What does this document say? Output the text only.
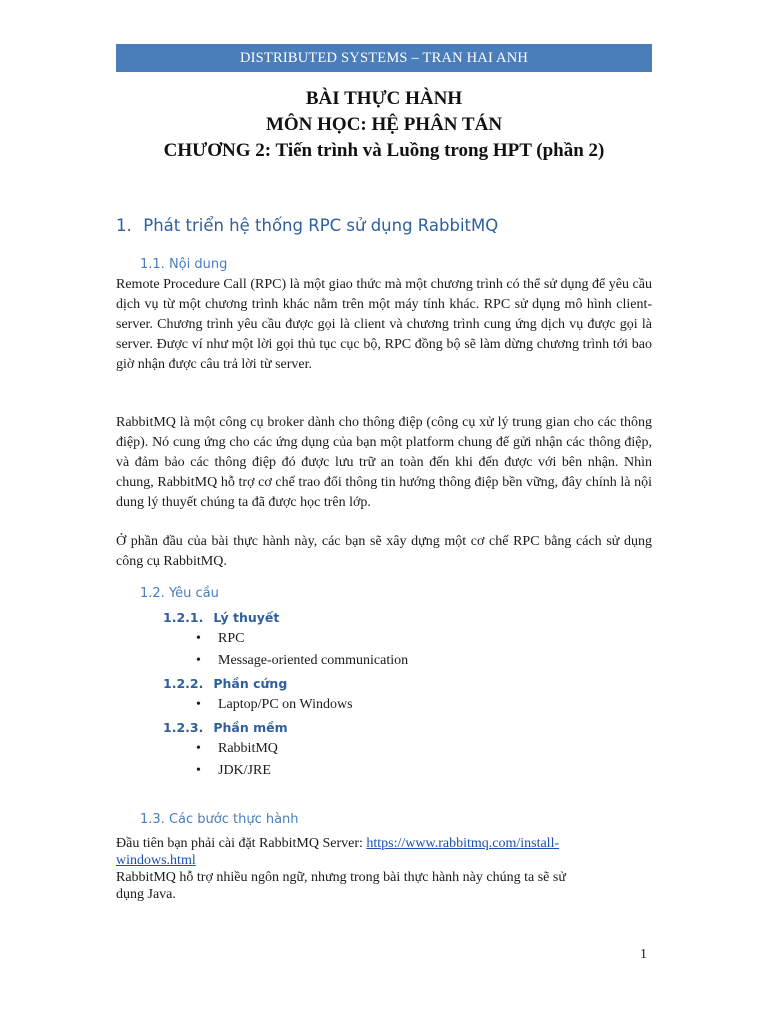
DISTRIBUTED SYSTEMS – TRAN HAI ANH
BÀI THỰC HÀNH
MÔN HỌC: HỆ PHÂN TÁN
CHƯƠNG 2: Tiến trình và Luồng trong HPT (phần 2)
1. Phát triển hệ thống RPC sử dụng RabbitMQ
1.1. Nội dung
Remote Procedure Call (RPC) là một giao thức mà một chương trình có thể sử dụng để yêu cầu dịch vụ từ một chương trình khác nằm trên một máy tính khác. RPC sử dụng mô hình client-server. Chương trình yêu cầu được gọi là client và chương trình cung ứng dịch vụ được gọi là server. Được ví như một lời gọi thủ tục cục bộ, RPC đồng bộ sẽ làm dừng chương trình tới bao giờ nhận được câu trả lời từ server.
RabbitMQ là một công cụ broker dành cho thông điệp (công cụ xử lý trung gian cho các thông điệp). Nó cung ứng cho các ứng dụng của bạn một platform chung để gửi nhận các thông điệp, và đảm bảo các thông điệp đó được lưu trữ an toàn đến khi đến được với bên nhận. Nhìn chung, RabbitMQ hỗ trợ cơ chế trao đổi thông tin hướng thông điệp bền vững, đây chính là nội dung lý thuyết chúng ta đã được học trên lớp.
Ở phần đầu của bài thực hành này, các bạn sẽ xây dựng một cơ chế RPC bằng cách sử dụng công cụ RabbitMQ.
1.2. Yêu cầu
1.2.1. Lý thuyết
• RPC
• Message-oriented communication
1.2.2. Phần cứng
• Laptop/PC on Windows
1.2.3. Phần mềm
• RabbitMQ
• JDK/JRE
1.3. Các bước thực hành
Đầu tiên bạn phải cài đặt RabbitMQ Server: https://www.rabbitmq.com/install-
windows.html
RabbitMQ hỗ trợ nhiều ngôn ngữ, nhưng trong bài thực hành này chúng ta sẽ sử
dụng Java.
1
